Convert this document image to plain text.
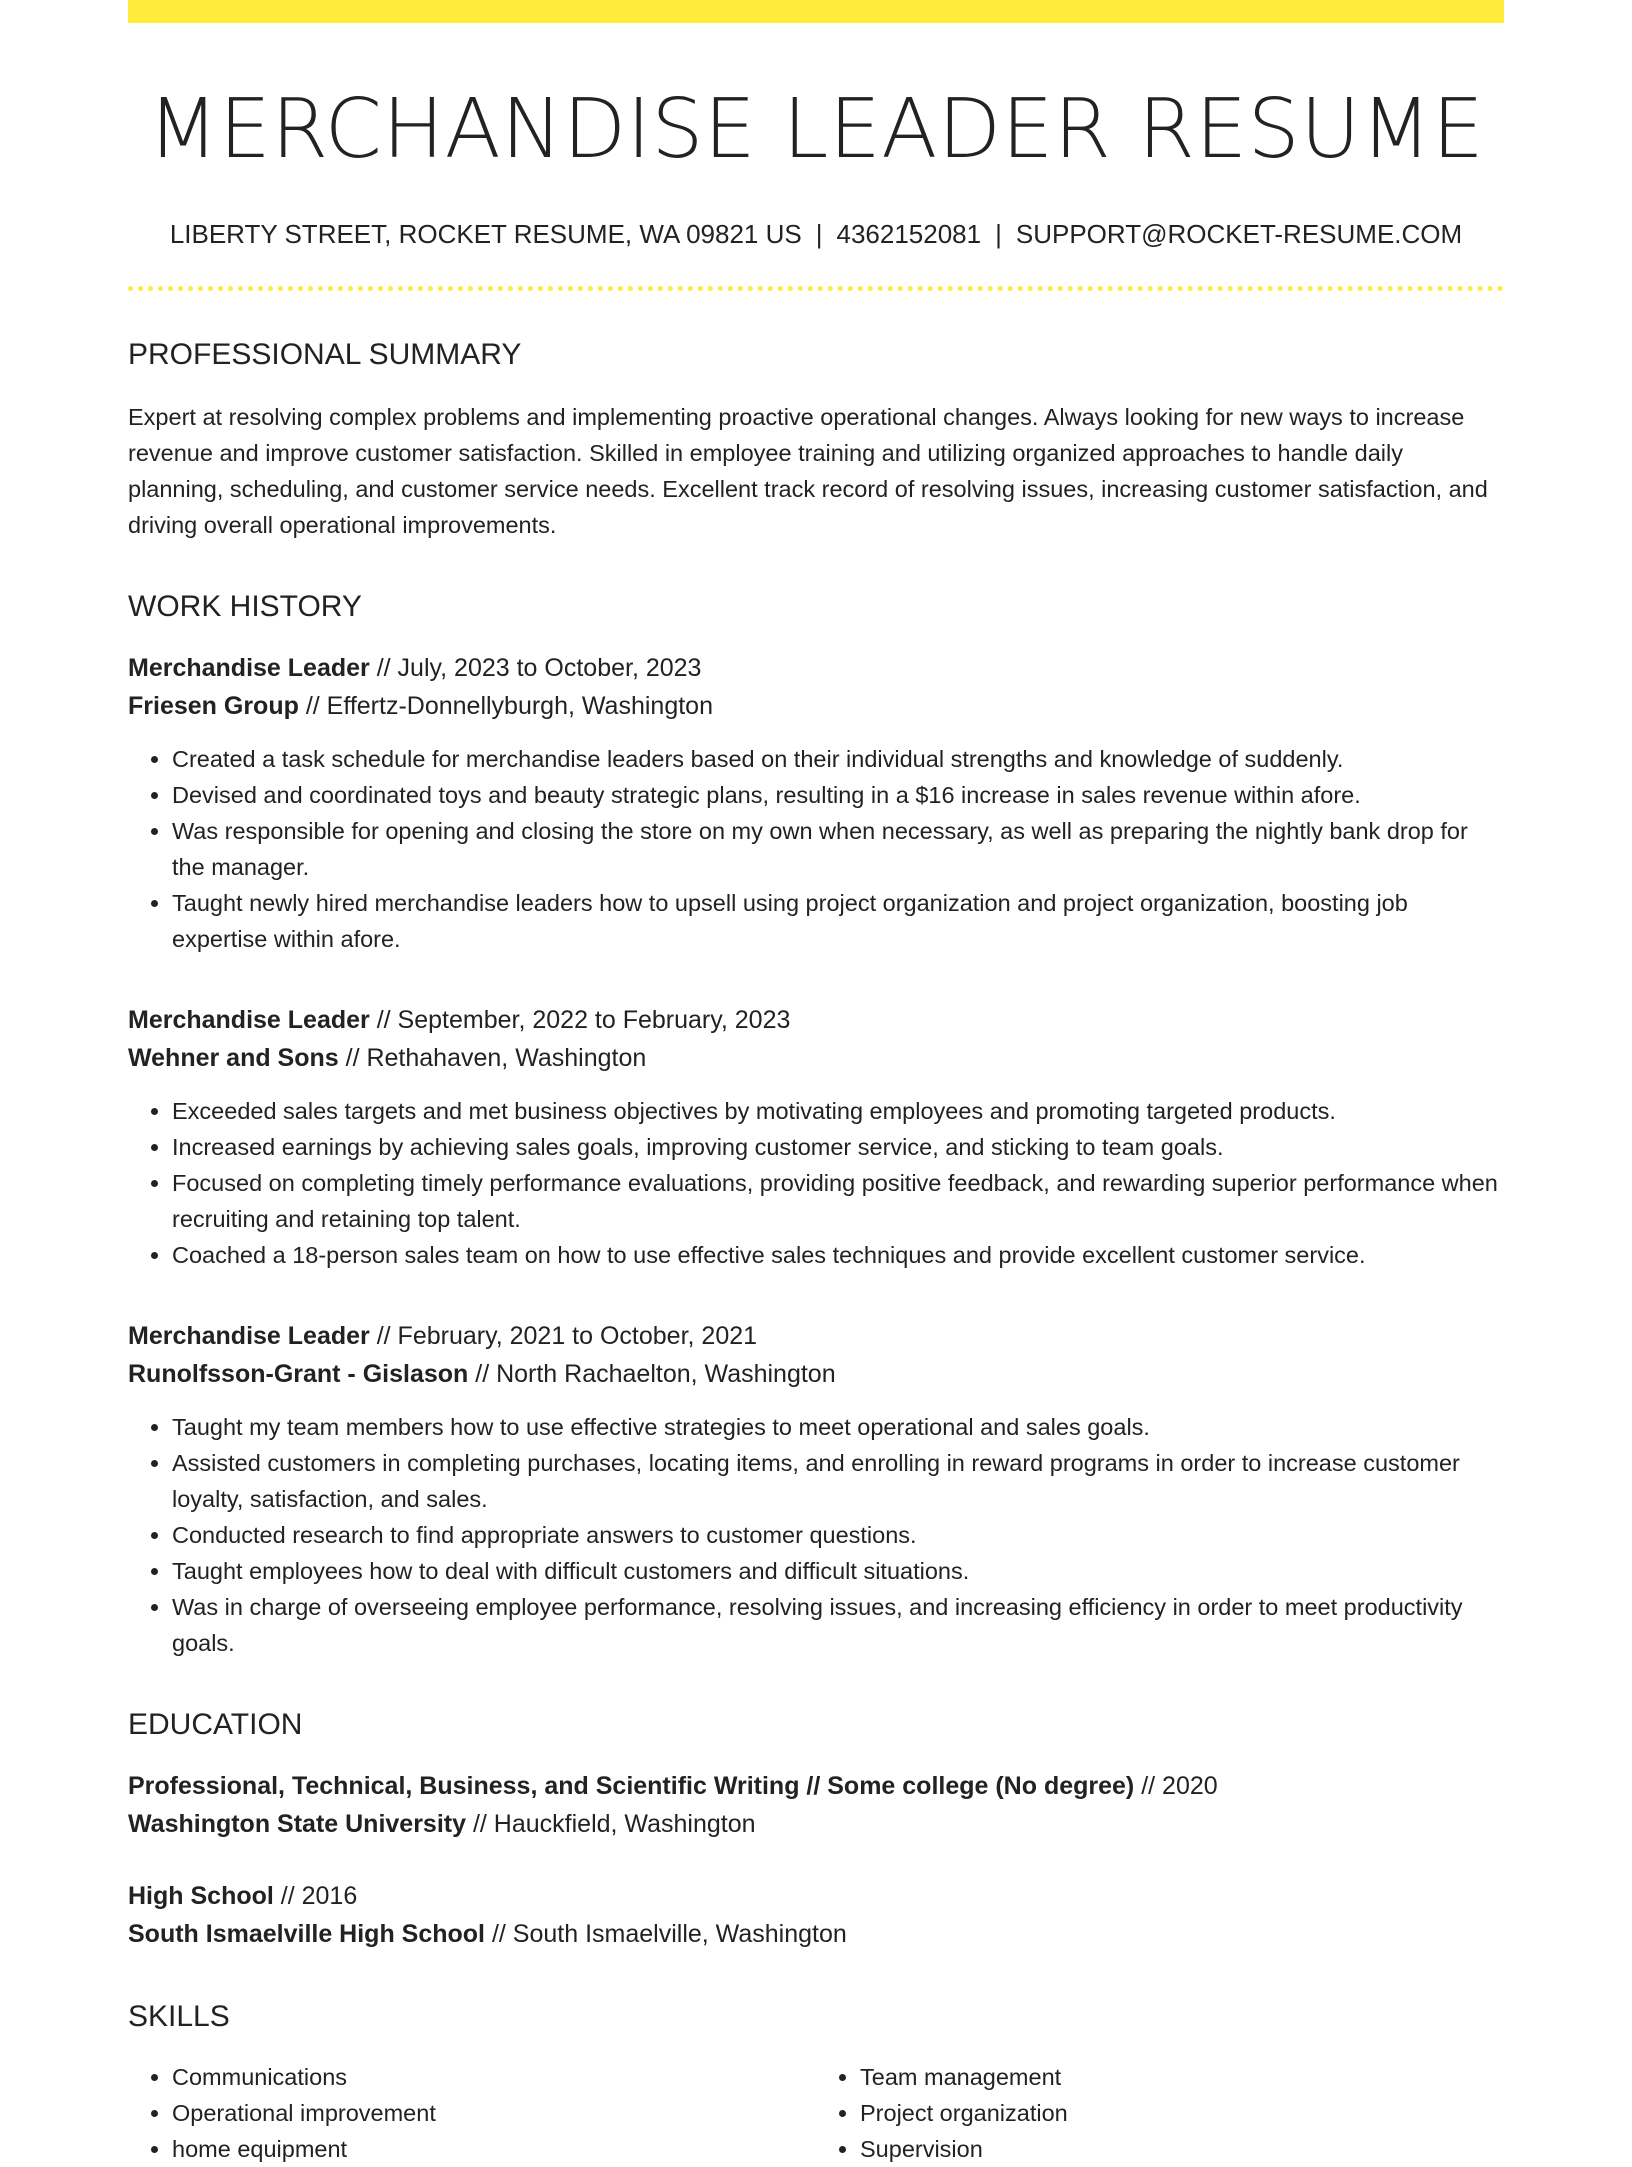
MERCHANDISE LEADER RESUME
LIBERTY STREET, ROCKET RESUME, WA 09821 US | 4362152081 | SUPPORT@ROCKET-RESUME.COM
PROFESSIONAL SUMMARY

Expert at resolving complex problems and implementing proactive operational changes. Always looking for new ways to increase revenue and improve customer satisfaction. Skilled in employee training and utilizing organized approaches to handle daily planning, scheduling, and customer service needs. Excellent track record of resolving issues, increasing customer satisfaction, and driving overall operational improvements.

WORK HISTORY
Merchandise Leader // July, 2023 to October, 2023
Friesen Group // Effertz-Donnellyburgh, Washington
• Created a task schedule for merchandise leaders based on their individual strengths and knowledge of suddenly.
• Devised and coordinated toys and beauty strategic plans, resulting in a $16 increase in sales revenue within afore.
• Was responsible for opening and closing the store on my own when necessary, as well as preparing the nightly bank drop for the manager.
• Taught newly hired merchandise leaders how to upsell using project organization and project organization, boosting job expertise within afore.
Merchandise Leader // September, 2022 to February, 2023
Wehner and Sons // Rethahaven, Washington
• Exceeded sales targets and met business objectives by motivating employees and promoting targeted products.
• Increased earnings by achieving sales goals, improving customer service, and sticking to team goals.
• Focused on completing timely performance evaluations, providing positive feedback, and rewarding superior performance when recruiting and retaining top talent.
• Coached a 18-person sales team on how to use effective sales techniques and provide excellent customer service.
Merchandise Leader // February, 2021 to October, 2021
Runolfsson-Grant - Gislason // North Rachaelton, Washington
• Taught my team members how to use effective strategies to meet operational and sales goals.
• Assisted customers in completing purchases, locating items, and enrolling in reward programs in order to increase customer loyalty, satisfaction, and sales.
• Conducted research to find appropriate answers to customer questions.
• Taught employees how to deal with difficult customers and difficult situations.
• Was in charge of overseeing employee performance, resolving issues, and increasing efficiency in order to meet productivity goals.
EDUCATION
Professional, Technical, Business, and Scientific Writing // Some college (No degree) // 2020
Washington State University // Hauckfield, Washington
High School // 2016
South Ismaelville High School // South Ismaelville, Washington
SKILLS
• Communications
• Operational improvement
• home equipment
• Team management
• Project organization
• Supervision
